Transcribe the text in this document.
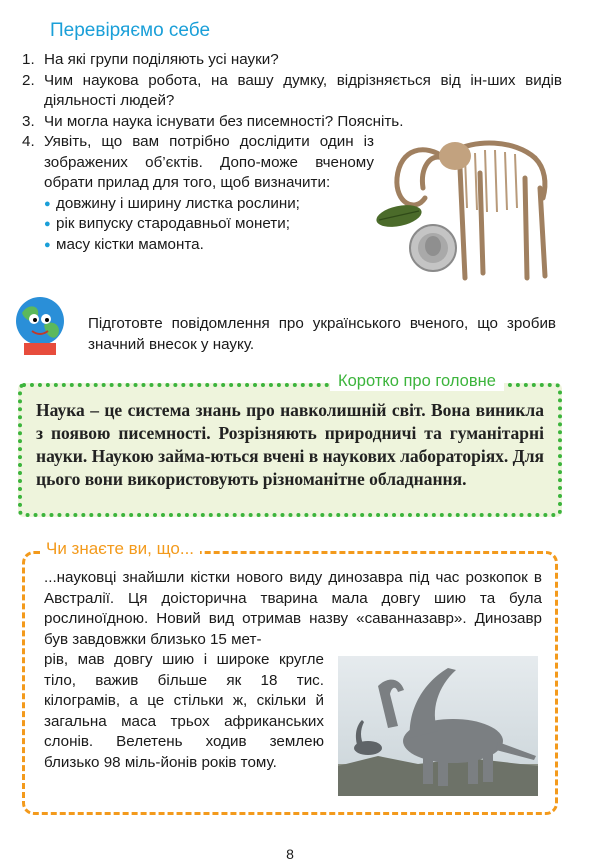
Перевіряємо себе
1. На які групи поділяють усі науки?
2. Чим наукова робота, на вашу думку, відрізняється від ін-ших видів діяльності людей?
3. Чи могла наука існувати без писемності? Поясніть.
4. Уявіть, що вам потрібно дослідити один із зображених об’єктів. Допо-може вченому обрати прилад для того, щоб визначити:
● довжину і ширину листка рослини;
● рік випуску стародавньої монети;
● масу кістки мамонта.
Підготовте повідомлення про українського вченого, що зробив значний внесок у науку.
Коротко про головне
Наука – це система знань про навколишній світ. Вона виникла з появою писемності. Розрізняють природничі та гуманітарні науки. Наукою займа-ються вчені в наукових лабораторіях. Для цього вони використовують різноманітне обладнання.
Чи знаєте ви, що...
...науковці знайшли кістки нового виду динозавра під час розкопок в Австралії. Ця доісторична тварина мала довгу шию та була рослиноїдною. Новий вид отримав назву «саванназавр». Динозавр був завдовжки близько 15 мет-
рів, мав довгу шию і широке кругле тіло, важив більше як 18 тис. кілограмів, а це стільки ж, скільки й загальна маса трьох африканських слонів. Велетень ходив землею близько 98 міль-йонів років тому.
8
